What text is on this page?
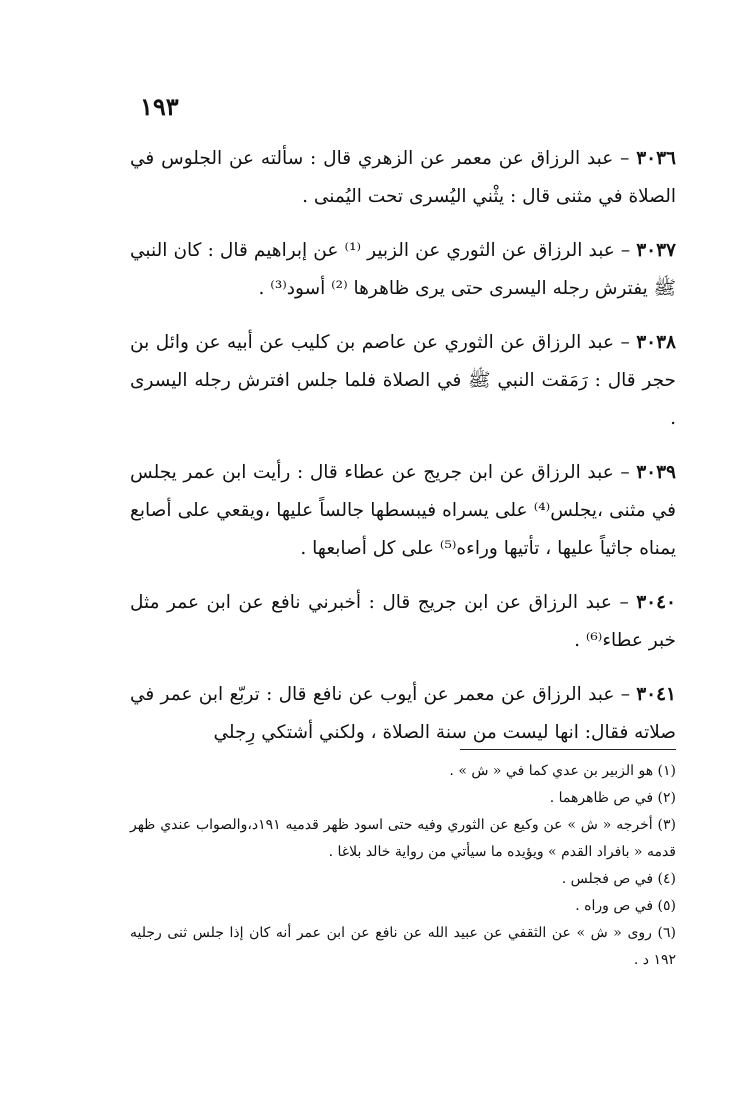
١٩٣

٣٠٣٦ – عبد الرزاق عن معمر عن الزهري قال : سألته عن الجلوس في الصلاة في مثنى قال : يثْني اليُسرى تحت اليُمنى .

٣٠٣٧ – عبد الرزاق عن الثوري عن الزبير ⁽¹⁾ عن إبراهيم قال : كان النبي ﷺ يفترش رجله اليسرى حتى يرى ظاهرها ⁽²⁾ أسود⁽³⁾ .

٣٠٣٨ – عبد الرزاق عن الثوري عن عاصم بن كليب عن أبيه عن وائل بن حجر قال : رَمَقت النبي ﷺ في الصلاة فلما جلس افترش رجله اليسرى .

٣٠٣٩ – عبد الرزاق عن ابن جريج عن عطاء قال : رأيت ابن عمر يجلس في مثنى ،يجلس⁽⁴⁾ على يسراه فيبسطها جالساً عليها ،ويقعي على أصابع يمناه جاثياً عليها ، تأتيها وراءه⁽⁵⁾ على كل أصابعها .

٣٠٤٠ – عبد الرزاق عن ابن جريج قال : أخبرني نافع عن ابن عمر مثل خبر عطاء⁽⁶⁾ .

٣٠٤١ – عبد الرزاق عن معمر عن أيوب عن نافع قال : تربّع ابن عمر في صلاته فقال: انها ليست من سنة الصلاة ، ولكني أشتكي رِجلي

(١) هو الزبير بن عدي كما في « ش » .

(٢) في ص ظاهرهما .

(٣) أخرجه « ش » عن وكيع عن الثوري وفيه حتى اسود ظهر قدميه ١٩١د،والصواب عندي ظهر قدمه « بافراد القدم » ويؤيده ما سيأتي من رواية خالد بلاغا .

(٤) في ص فجلس .

(٥) في ص وراه .

(٦) روى « ش » عن الثقفي عن عبيد الله عن نافع عن ابن عمر أنه كان إذا جلس ثنى رجليه ١٩٢ د .
